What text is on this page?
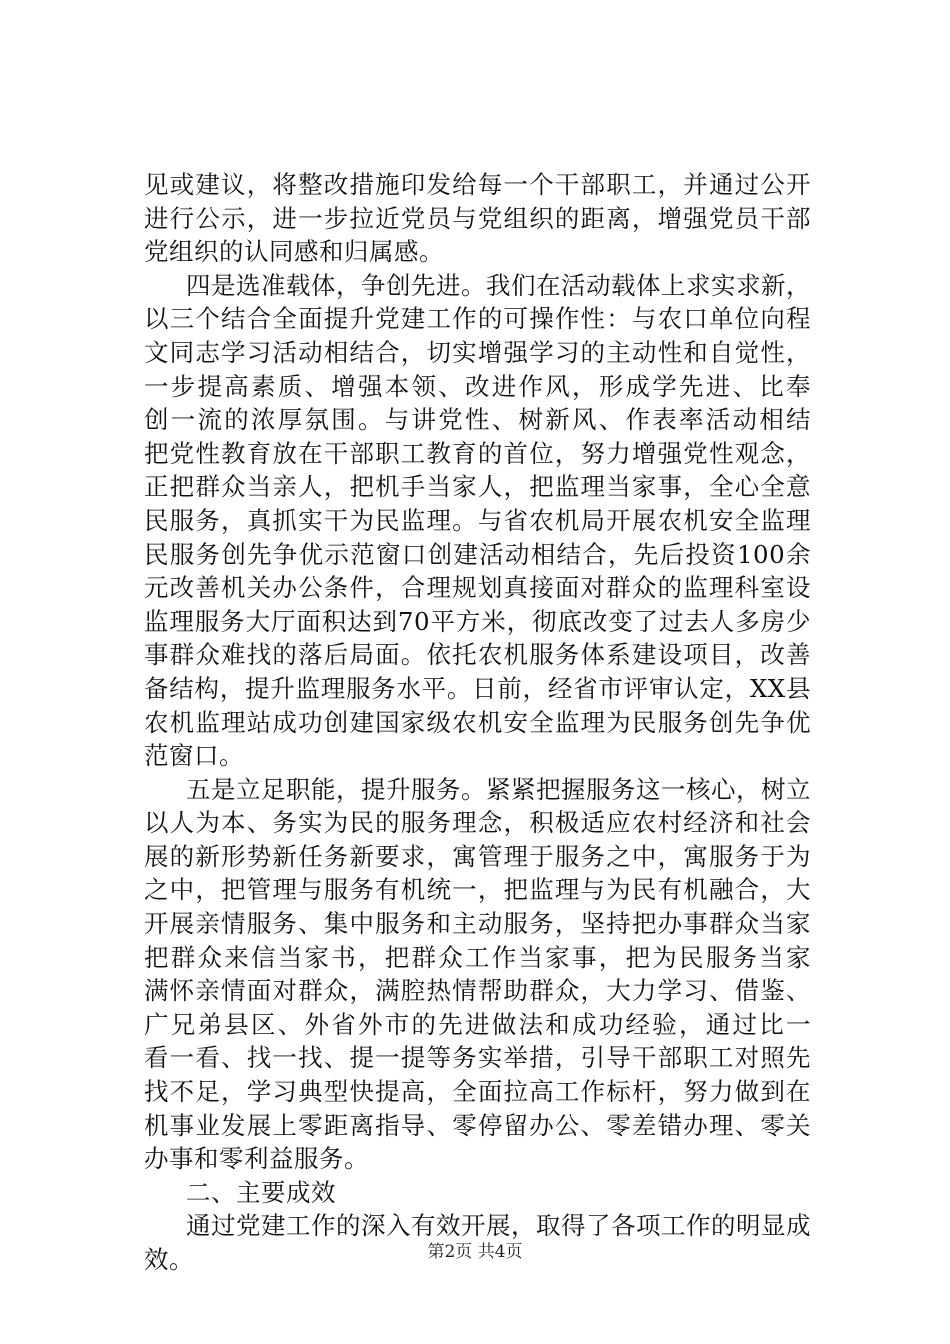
见或建议，将整改措施印发给每一个干部职工，并通过公开
进行公示，进一步拉近党员与党组织的距离，增强党员干部
党组织的认同感和归属感。
四是选准载体，争创先进。我们在活动载体上求实求新，
以三个结合全面提升党建工作的可操作性：与农口单位向程
文同志学习活动相结合，切实增强学习的主动性和自觉性，
一步提高素质、增强本领、改进作风，形成学先进、比奉
创一流的浓厚氛围。与讲党性、树新风、作表率活动相结
把党性教育放在干部职工教育的首位，努力增强党性观念，
正把群众当亲人，把机手当家人，把监理当家事，全心全意
民服务，真抓实干为民监理。与省农机局开展农机安全监理
民服务创先争优示范窗口创建活动相结合，先后投资100余
元改善机关办公条件，合理规划真接面对群众的监理科室设
监理服务大厅面积达到70平方米，彻底改变了过去人多房少
事群众难找的落后局面。依托农机服务体系建设项目，改善
备结构，提升监理服务水平。日前，经省市评审认定，XX县
农机监理站成功创建国家级农机安全监理为民服务创先争优
范窗口。
五是立足职能，提升服务。紧紧把握服务这一核心，树立
以人为本、务实为民的服务理念，积极适应农村经济和社会
展的新形势新任务新要求，寓管理于服务之中，寓服务于为
之中，把管理与服务有机统一，把监理与为民有机融合，大
开展亲情服务、集中服务和主动服务，坚持把办事群众当家
把群众来信当家书，把群众工作当家事，把为民服务当家
满怀亲情面对群众，满腔热情帮助群众，大力学习、借鉴、
广兄弟县区、外省外市的先进做法和成功经验，通过比一
看一看、找一找、提一提等务实举措，引导干部职工对照先
找不足，学习典型快提高，全面拉高工作标杆，努力做到在
机事业发展上零距离指导、零停留办公、零差错办理、零关
办事和零利益服务。
二、主要成效
通过党建工作的深入有效开展，取得了各项工作的明显成
效。	第2页 共4页
